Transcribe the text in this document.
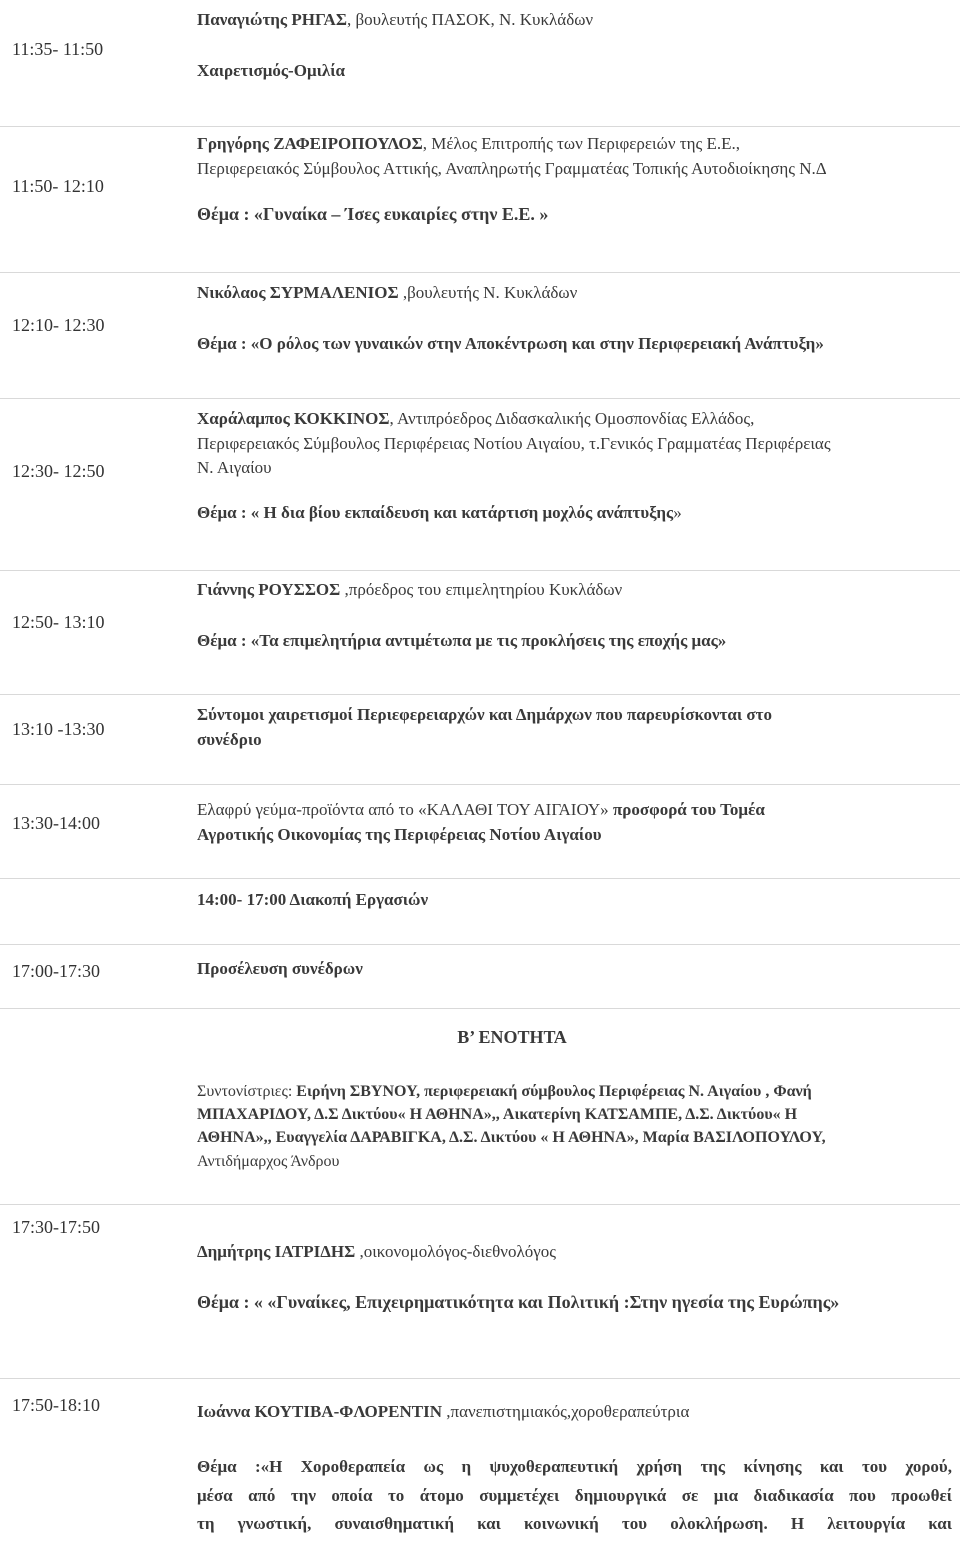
11:35- 11:50

Παναγιώτης ΡΗΓΑΣ, βουλευτής ΠΑΣΟΚ, Ν. Κυκλάδων

Χαιρετισμός-Ομιλία

11:50- 12:10

Γρηγόρης ΖΑΦΕΙΡΟΠΟΥΛΟΣ, Μέλος Επιτροπής των Περιφερειών της Ε.Ε.,

Περιφερειακός Σύμβουλος Αττικής, Αναπληρωτής Γραμματέας Τοπικής Αυτοδιοίκησης Ν.Δ

Θέμα : «Γυναίκα – Ίσες ευκαιρίες στην Ε.Ε. »

12:10- 12:30

Νικόλαος ΣΥΡΜΑΛΕΝΙΟΣ ,βουλευτής Ν. Κυκλάδων

Θέμα : «Ο ρόλος των γυναικών στην Αποκέντρωση και στην Περιφερειακή Ανάπτυξη»

12:30- 12:50

Χαράλαμπος ΚΟΚΚΙΝΟΣ, Αντιπρόεδρος Διδασκαλικής Ομοσπονδίας Ελλάδος,

Περιφερειακός Σύμβουλος Περιφέρειας Νοτίου Αιγαίου, τ.Γενικός Γραμματέας Περιφέρειας

Ν. Αιγαίου

Θέμα : « Η δια βίου εκπαίδευση και κατάρτιση μοχλός ανάπτυξης»

12:50- 13:10

Γιάννης ΡΟΥΣΣΟΣ ,πρόεδρος του επιμελητηρίου Κυκλάδων

Θέμα : «Τα επιμελητήρια αντιμέτωπα με τις προκλήσεις της εποχής μας»

13:10 -13:30

Σύντομοι χαιρετισμοί Περιεφερειαρχών και Δημάρχων που παρευρίσκονται στο

συνέδριο

13:30-14:00

Ελαφρύ γεύμα-προϊόντα από το «ΚΑΛΑΘΙ ΤΟΥ ΑΙΓΑΙΟΥ» προσφορά του Τομέα

Αγροτικής Οικονομίας της Περιφέρειας Νοτίου Αιγαίου

14:00- 17:00 Διακοπή Εργασιών

17:00-17:30	Προσέλευση συνέδρων
Β’ ΕΝΟΤΗΤΑ

Συντονίστριες: Ειρήνη ΣΒΥΝΟΥ, περιφερειακή σύμβουλος Περιφέρειας Ν. Αιγαίου , Φανή

ΜΠΑΧΑΡΙΔΟΥ, Δ.Σ Δικτύου« Η ΑΘΗΝΑ»,, Αικατερίνη ΚΑΤΣΑΜΠΕ, Δ.Σ. Δικτύου« Η

ΑΘΗΝΑ»,, Ευαγγελία ΔΑΡΑΒΙΓΚΑ, Δ.Σ. Δικτύου « Η ΑΘΗΝΑ», Μαρία ΒΑΣΙΛΟΠΟΥΛΟΥ,

Αντιδήμαρχος Άνδρου

17:30-17:50

Δημήτρης ΙΑΤΡΙΔΗΣ ,οικονομολόγος-διεθνολόγος

Θέμα : « «Γυναίκες, Επιχειρηματικότητα και Πολιτική :Στην ηγεσία της Ευρώπης»

17:50-18:10	Ιωάννα ΚΟΥΤΙΒΑ-ΦΛΟΡΕΝΤΙΝ ,πανεπιστημιακός,χοροθεραπεύτρια

Θέμα :«Η Χοροθεραπεία ως η ψυχοθεραπευτική χρήση της κίνησης και του χορού,

μέσα από την οποία το άτομο συμμετέχει δημιουργικά σε μια διαδικασία που προωθεί

τη γνωστική, συναισθηματική και κοινωνική του ολοκλήρωση. Η λειτουργία και
